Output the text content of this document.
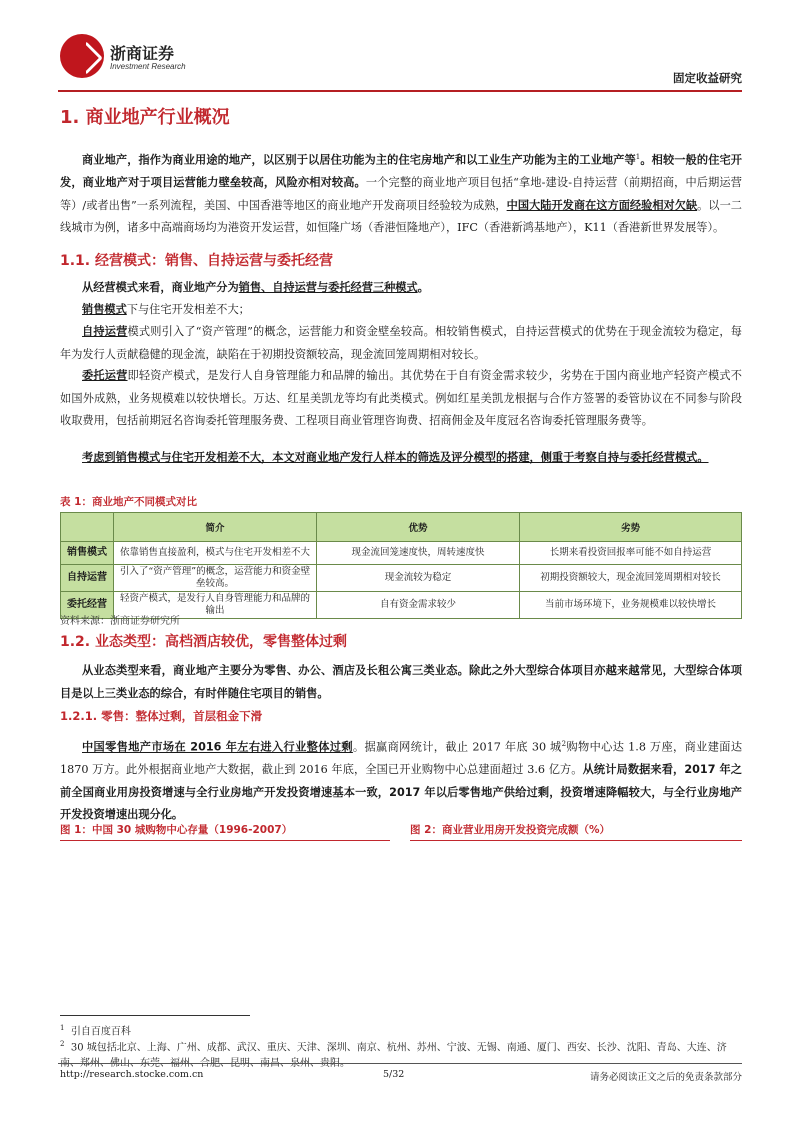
浙商证券
Investment Research
固定收益研究
1. 商业地产行业概况

商业地产，指作为商业用途的地产，以区别于以居住功能为主的住宅房地产和以工业生产功能为主的工业地产等$^1$。相较一般的住宅开发，商业地产对于项目运营能力壁垒较高，风险亦相对较高。一个完整的商业地产项目包括“拿地-建设-自持运营（前期招商，中后期运营等）/或者出售”一系列流程，美国、中国香港等地区的商业地产开发商项目经验较为成熟，中国大陆开发商在这方面经验相对欠缺。以一二线城市为例，诸多中高端商场均为港资开发运营，如恒隆广场（香港恒隆地产），IFC（香港新鸿基地产），K11（香港新世界发展等）。

1.1. 经营模式：销售、自持运营与委托经营

从经营模式来看，商业地产分为销售、自持运营与委托经营三种模式。

销售模式下与住宅开发相差不大；

自持运营模式则引入了“资产管理”的概念，运营能力和资金壁垒较高。相较销售模式，自持运营模式的优势在于现金流较为稳定，每年为发行人贡献稳健的现金流，缺陷在于初期投资额较高，现金流回笼周期相对较长。

委托运营即轻资产模式，是发行人自身管理能力和品牌的输出。其优势在于自有资金需求较少，劣势在于国内商业地产轻资产模式不如国外成熟，业务规模难以较快增长。万达、红星美凯龙等均有此类模式。例如红星美凯龙根据与合作方签署的委管协议在不同参与阶段收取费用，包括前期冠名咨询委托管理服务费、工程项目商业管理咨询费、招商佣金及年度冠名咨询委托管理服务费等。

考虑到销售模式与住宅开发相差不大，本文对商业地产发行人样本的筛选及评分模型的搭建，侧重于考察自持与委托经营模式。

表 1：商业地产不同模式对比
	简介	优势	劣势
销售模式	依靠销售直接盈利，模式与住宅开发相差不大	现金流回笼速度快，周转速度快	长期来看投资回报率可能不如自持运营
自持运营	引入了“资产管理”的概念，运营能力和资金壁垒较高。	现金流较为稳定	初期投资额较大，现金流回笼周期相对较长
委托经营	轻资产模式，是发行人自身管理能力和品牌的输出	自有资金需求较少	当前市场环境下，业务规模难以较快增长
资料来源：浙商证券研究所
1.2. 业态类型：高档酒店较优，零售整体过剩

从业态类型来看，商业地产主要分为零售、办公、酒店及长租公寓三类业态。除此之外大型综合体项目亦越来越常见，大型综合体项目是以上三类业态的综合，有时伴随住宅项目的销售。

1.2.1. 零售：整体过剩，首层租金下滑

中国零售地产市场在 2016 年左右进入行业整体过剩。据赢商网统计，截止 2017 年底 30 城$^2$购物中心达 1.8 万座，商业建面达 1870 万方。此外根据商业地产大数据，截止到 2016 年底，全国已开业购物中心总建面超过 3.6 亿方。从统计局数据来看，2017 年之前全国商业用房投资增速与全行业房地产开发投资增速基本一致，2017 年以后零售地产供给过剩，投资增速降幅较大，与全行业房地产开发投资增速出现分化。

图 1：中国 30 城购物中心存量（1996-2007）	图 2：商业营业用房开发投资完成额（%）
$^1$ 引自百度百科
$^2$ 30 城包括北京、上海、广州、成都、武汉、重庆、天津、深圳、南京、杭州、苏州、宁波、无锡、南通、厦门、西安、长沙、沈阳、青岛、大连、济南、郑州、佛山、东莞、福州、合肥、昆明、南昌、泉州、贵阳。
http://research.stocke.com.cn	5/32	请务必阅读正文之后的免责条款部分
